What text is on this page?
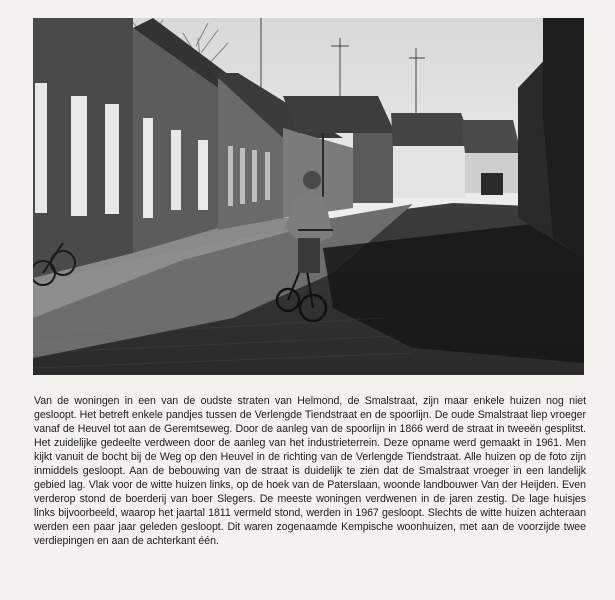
Van de woningen in een van de oudste straten van Helmond, de Smalstraat, zijn maar enkele huizen nog niet gesloopt. Het betreft enkele pandjes tussen de Verlengde Tiendstraat en de spoorlijn. De oude Smalstraat liep vroeger vanaf de Heuvel tot aan de Geremtseweg. Door de aanleg van de spoorlijn in 1866 werd de straat in tweeën gesplitst. Het zuidelijke gedeelte verdween door de aanleg van het industrieterrein. Deze opname werd gemaakt in 1961. Men kijkt vanuit de bocht bij de Weg op den Heuvel in de richting van de Verlengde Tiendstraat. Alle huizen op de foto zijn inmiddels gesloopt. Aan de bebouwing van de straat is duidelijk te zien dat de Smalstraat vroeger in een landelijk gebied lag. Vlak voor de witte huizen links, op de hoek van de Paterslaan, woonde landbouwer Van der Heijden. Even verderop stond de boerderij van boer Slegers. De meeste woningen verdwenen in de jaren zestig. De lage huisjes links bijvoorbeeld, waarop het jaartal 1811 vermeld stond, werden in 1967 gesloopt. Slechts de witte huizen achteraan werden een paar jaar geleden gesloopt. Dit waren zogenaamde Kempische woonhuizen, met aan de voorzijde twee verdiepingen en aan de achterkant één.
